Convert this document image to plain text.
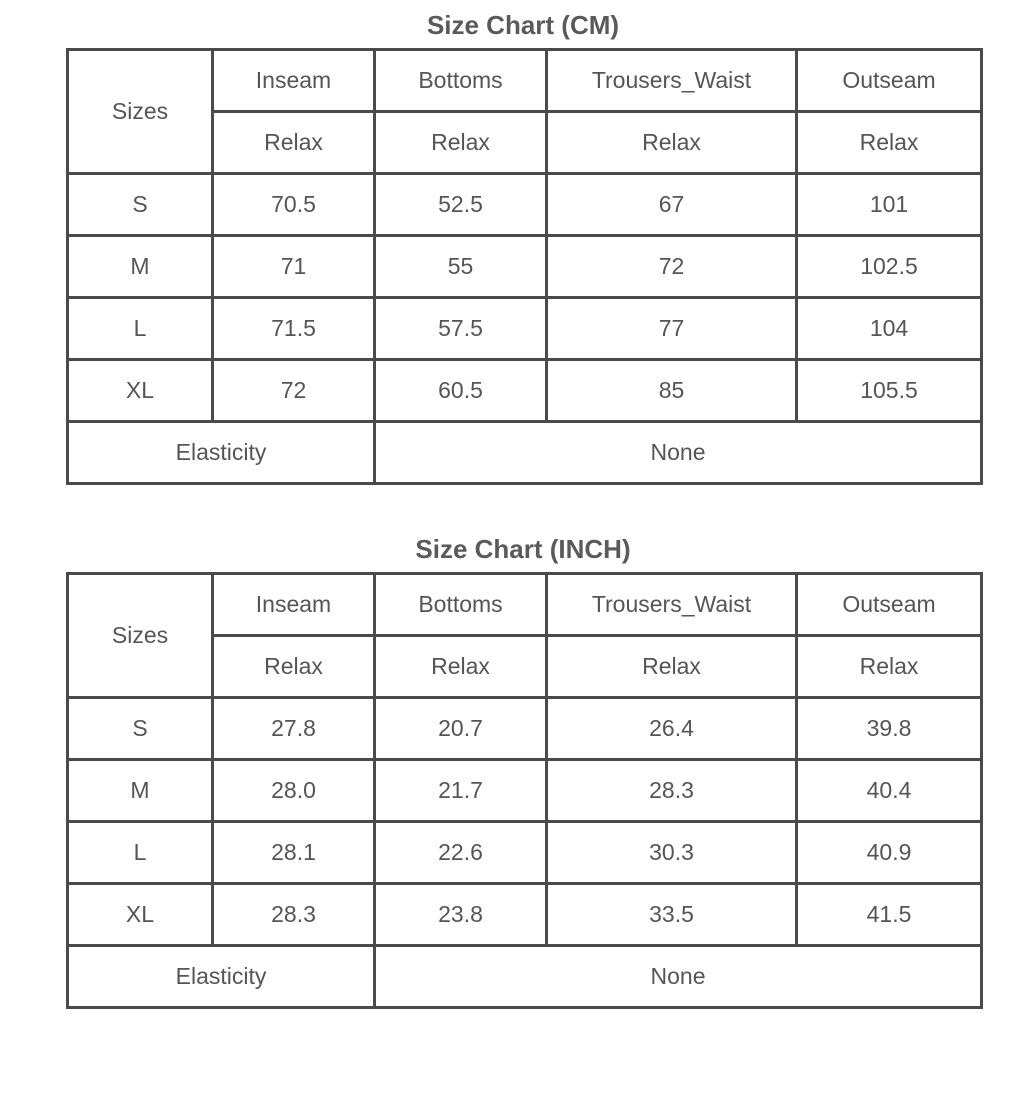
Size Chart (CM)
Sizes	Inseam	Bottoms	Trousers_Waist	Outseam
	Relax	Relax	Relax	Relax
S	70.5	52.5	67	101
M	71	55	72	102.5
L	71.5	57.5	77	104
XL	72	60.5	85	105.5
Elasticity		None		
Size Chart (INCH)
Sizes	Inseam	Bottoms	Trousers_Waist	Outseam
	Relax	Relax	Relax	Relax
S	27.8	20.7	26.4	39.8
M	28.0	21.7	28.3	40.4
L	28.1	22.6	30.3	40.9
XL	28.3	23.8	33.5	41.5
Elasticity		None		
